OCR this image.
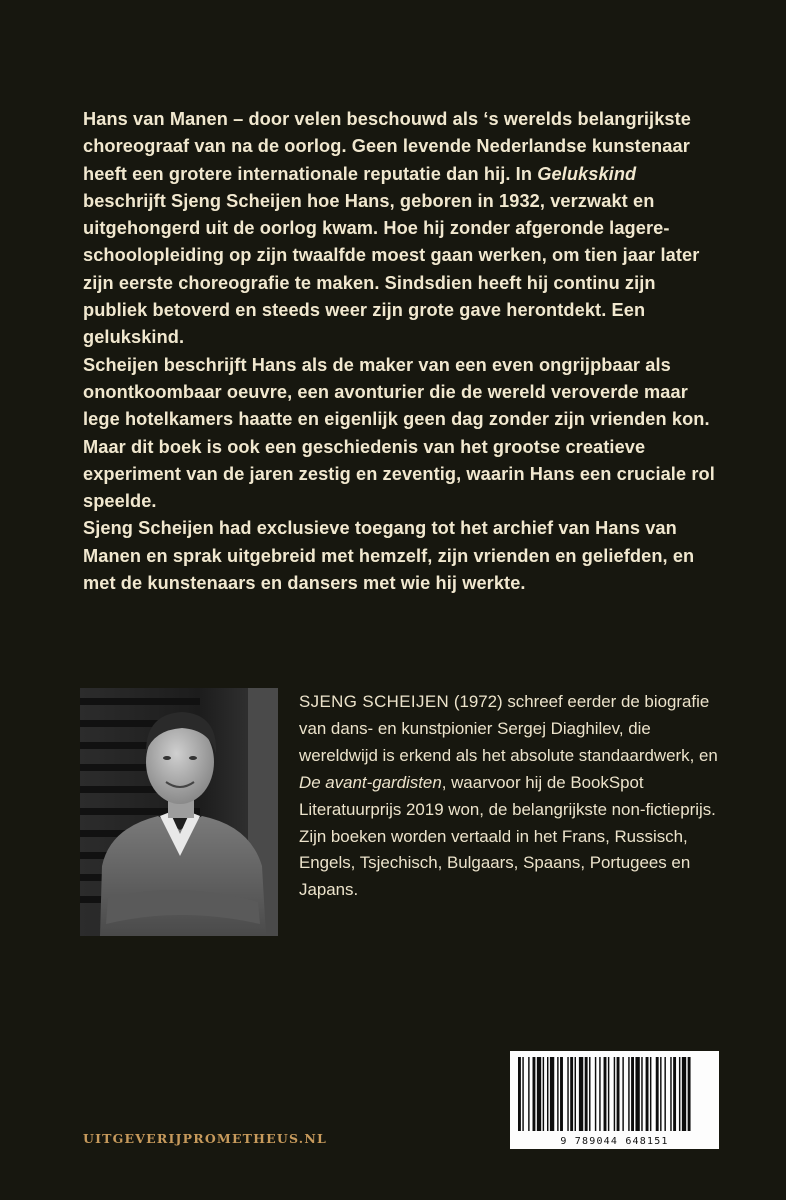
Hans van Manen – door velen beschouwd als ‘s werelds belangrijkste choreograaf van na de oorlog. Geen levende Nederlandse kunstenaar heeft een grotere internationale reputatie dan hij. In Gelukskind beschrijft Sjeng Scheijen hoe Hans, geboren in 1932, verzwakt en uitgehongerd uit de oorlog kwam. Hoe hij zonder afgeronde lagere-schoolopleiding op zijn twaalfde moest gaan werken, om tien jaar later zijn eerste choreografie te maken. Sindsdien heeft hij continu zijn publiek betoverd en steeds weer zijn grote gave herontdekt. Een gelukskind.

Scheijen beschrijft Hans als de maker van een even ongrijpbaar als onontkoombaar oeuvre, een avonturier die de wereld veroverde maar lege hotelkamers haatte en eigenlijk geen dag zonder zijn vrienden kon. Maar dit boek is ook een geschiedenis van het grootse creatieve experiment van de jaren zestig en zeventig, waarin Hans een cruciale rol speelde.

Sjeng Scheijen had exclusieve toegang tot het archief van Hans van Manen en sprak uitgebreid met hemzelf, zijn vrienden en geliefden, en met de kunstenaars en dansers met wie hij werkte.

SJENG SCHEIJEN (1972) schreef eerder de biografie van dans- en kunstpionier Sergej Diaghilev, die wereldwijd is erkend als het absolute standaardwerk, en De avant-gardisten, waarvoor hij de BookSpot Literatuurprijs 2019 won, de belangrijkste non-fictieprijs. Zijn boeken worden vertaald in het Frans, Russisch, Engels, Tsjechisch, Bulgaars, Spaans, Portugees en Japans.

UITGEVERIJPROMETHEUS.NL	9 789044 648151
